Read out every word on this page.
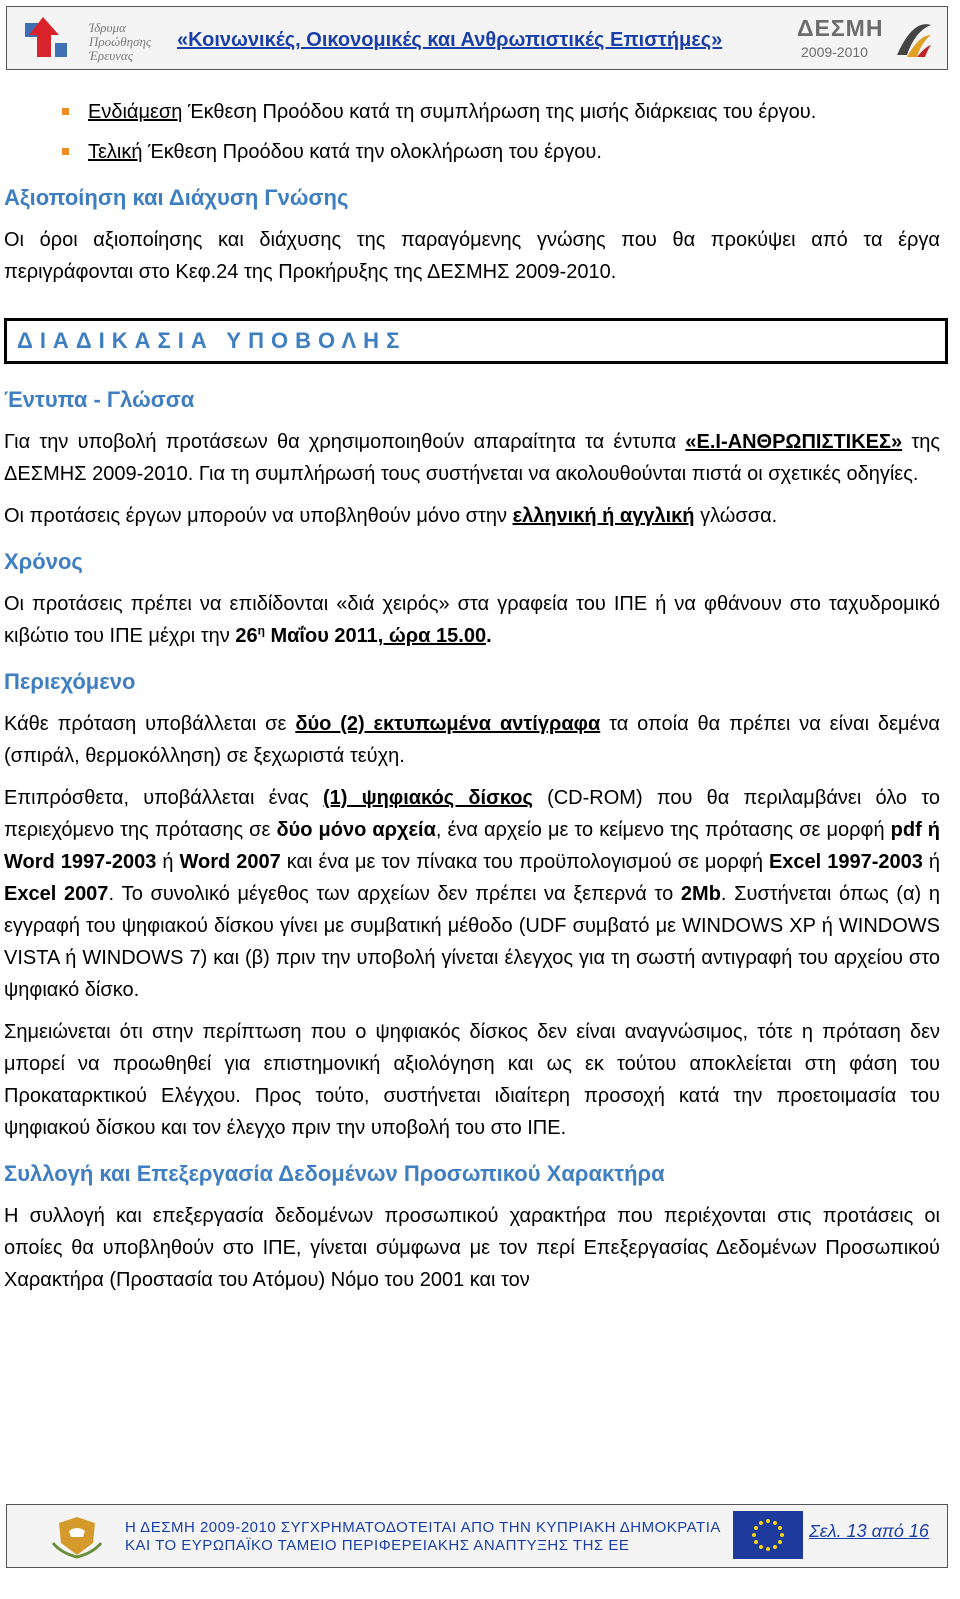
Ίδρυμα Προώθησης Έρευνας
«Κοινωνικές, Οικονομικές και Ανθρωπιστικές Επιστήμες»	ΔΕΣΜΗ
2009-2010

Ενδιάμεση Έκθεση Προόδου κατά τη συμπλήρωση της μισής διάρκειας του έργου.

Τελική Έκθεση Προόδου κατά την ολοκλήρωση του έργου.

Αξιοποίηση και Διάχυση Γνώσης

Οι όροι αξιοποίησης και διάχυσης της παραγόμενης γνώσης που θα προκύψει από τα έργα περιγράφονται στο Κεφ.24 της Προκήρυξης της ΔΕΣΜΗΣ 2009-2010.

ΔΙΑΔΙΚΑΣΙΑ ΥΠΟΒΟΛΗΣ
Έντυπα - Γλώσσα

Για την υποβολή προτάσεων θα χρησιμοποιηθούν απαραίτητα τα έντυπα «Ε.Ι-ΑΝΘΡΩΠΙΣΤΙΚΕΣ» της ΔΕΣΜΗΣ 2009-2010. Για τη συμπλήρωσή τους συστήνεται να ακολουθούνται πιστά οι σχετικές οδηγίες.

Οι προτάσεις έργων μπορούν να υποβληθούν μόνο στην ελληνική ή αγγλική γλώσσα.

Χρόνος

Οι προτάσεις πρέπει να επιδίδονται «διά χειρός» στα γραφεία του ΙΠΕ ή να φθάνουν στο ταχυδρομικό κιβώτιο του ΙΠΕ μέχρι την $26^\eta$ Μαΐου 2011, ώρα 15.00.

Περιεχόμενο

Κάθε πρόταση υποβάλλεται σε δύο (2) εκτυπωμένα αντίγραφα τα οποία θα πρέπει να είναι δεμένα (σπιράλ, θερμοκόλληση) σε ξεχωριστά τεύχη.

Επιπρόσθετα, υποβάλλεται ένας (1) ψηφιακός δίσκος (CD-ROM) που θα περιλαμβάνει όλο το περιεχόμενο της πρότασης σε δύο μόνο αρχεία, ένα αρχείο με το κείμενο της πρότασης σε μορφή pdf ή Word 1997-2003 ή Word 2007 και ένα με τον πίνακα του προϋπολογισμού σε μορφή Excel 1997-2003 ή Excel 2007. Το συνολικό μέγεθος των αρχείων δεν πρέπει να ξεπερνά το 2Mb. Συστήνεται όπως (α) η εγγραφή του ψηφιακού δίσκου γίνει με συμβατική μέθοδο (UDF συμβατό με WINDOWS XP ή WINDOWS VISTA ή WINDOWS 7) και (β) πριν την υποβολή γίνεται έλεγχος για τη σωστή αντιγραφή του αρχείου στο ψηφιακό δίσκο.

Σημειώνεται ότι στην περίπτωση που ο ψηφιακός δίσκος δεν είναι αναγνώσιμος, τότε η πρόταση δεν μπορεί να προωθηθεί για επιστημονική αξιολόγηση και ως εκ τούτου αποκλείεται στη φάση του Προκαταρκτικού Ελέγχου. Προς τούτο, συστήνεται ιδιαίτερη προσοχή κατά την προετοιμασία του ψηφιακού δίσκου και τον έλεγχο πριν την υποβολή του στο ΙΠΕ.

Συλλογή και Επεξεργασία Δεδομένων Προσωπικού Χαρακτήρα

Η συλλογή και επεξεργασία δεδομένων προσωπικού χαρακτήρα που περιέχονται στις προτάσεις οι οποίες θα υποβληθούν στο ΙΠΕ, γίνεται σύμφωνα με τον περί Επεξεργασίας Δεδομένων Προσωπικού Χαρακτήρα (Προστασία του Ατόμου) Νόμο του 2001 και τον

Η ΔΕΣΜΗ 2009-2010 ΣΥΓΧΡΗΜΑΤΟΔΟΤΕΙΤΑΙ ΑΠΟ ΤΗΝ ΚΥΠΡΙΑΚΗ ΔΗΜΟΚΡΑΤΙΑ
ΚΑΙ ΤΟ ΕΥΡΩΠΑΪΚΟ ΤΑΜΕΙΟ ΠΕΡΙΦΕΡΕΙΑΚΗΣ ΑΝΑΠΤΥΞΗΣ ΤΗΣ ΕΕ
Σελ. 13 από 16
